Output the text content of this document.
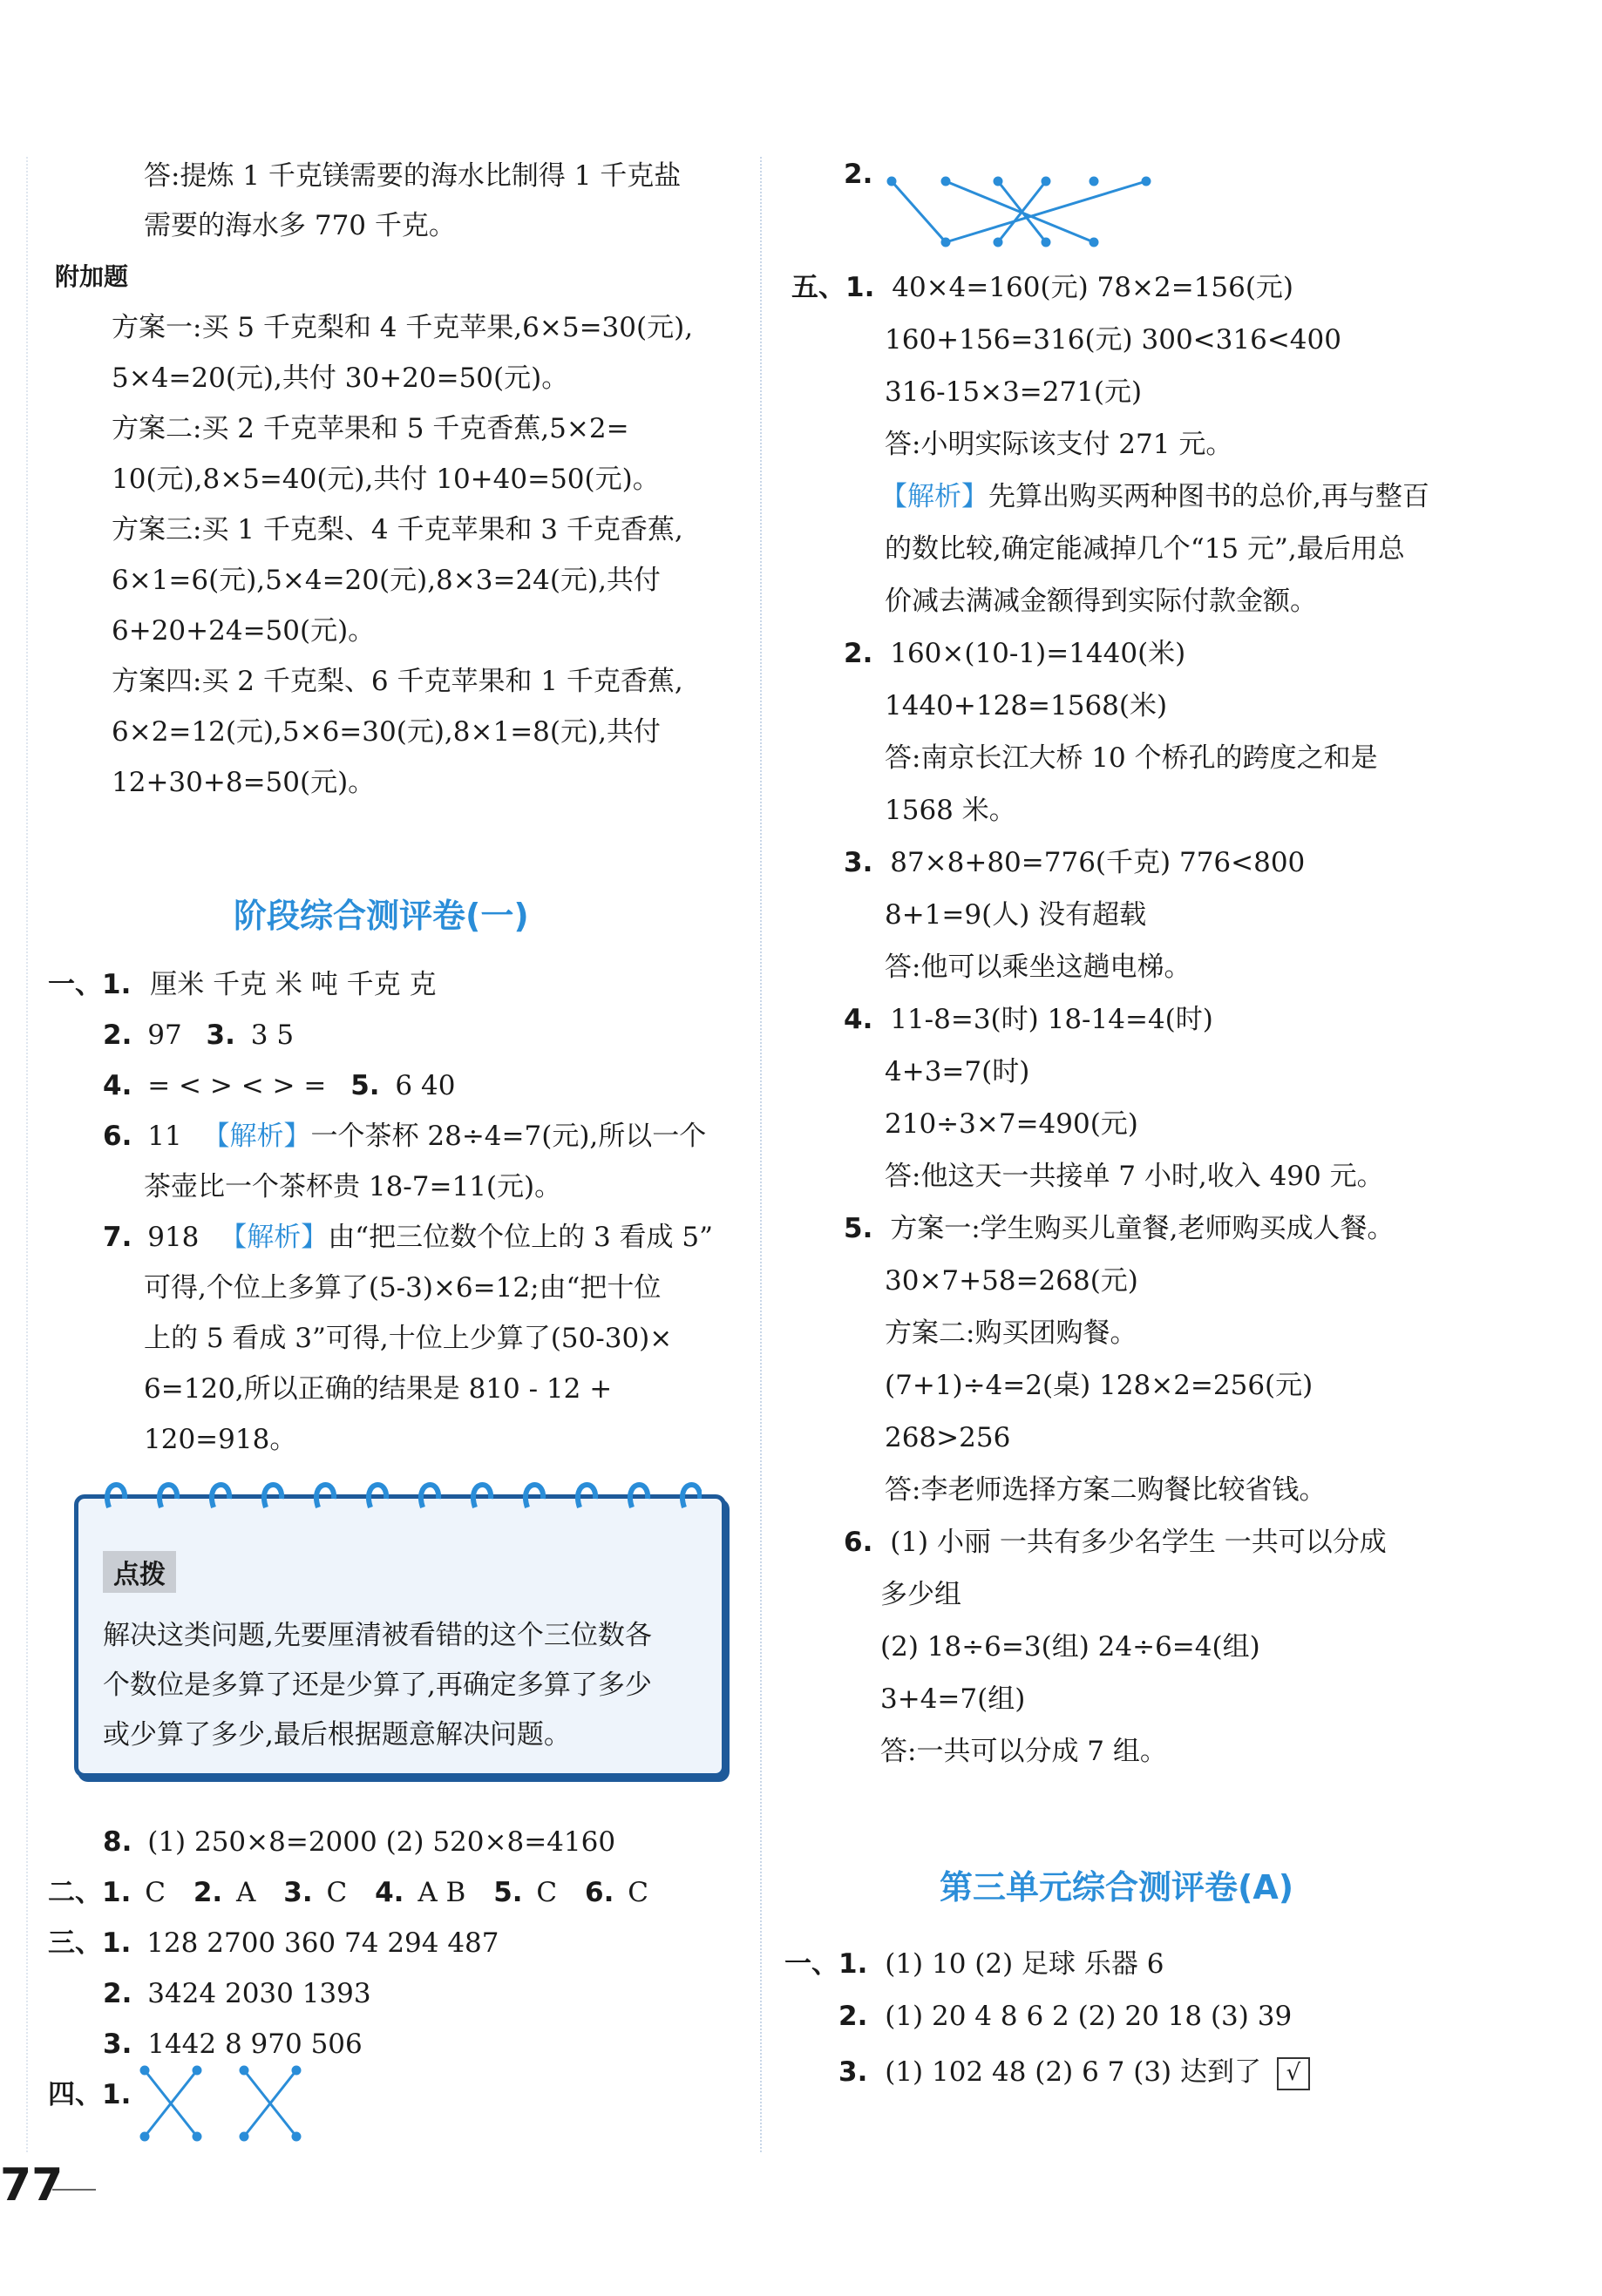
答:提炼 1 千克镁需要的海水比制得 1 千克盐
需要的海水多 770 千克。
附加题
方案一:买 5 千克梨和 4 千克苹果,6×5=30(元),
5×4=20(元),共付 30+20=50(元)。
方案二:买 2 千克苹果和 5 千克香蕉,5×2=
10(元),8×5=40(元),共付 10+40=50(元)。
方案三:买 1 千克梨、4 千克苹果和 3 千克香蕉,
6×1=6(元),5×4=20(元),8×3=24(元),共付
6+20+24=50(元)。
方案四:买 2 千克梨、6 千克苹果和 1 千克香蕉,
6×2=12(元),5×6=30(元),8×1=8(元),共付
12+30+8=50(元)。
阶段综合测评卷(一)
一、1. 厘米 千克 米 吨 千克 克
2. 97 3. 3 5
4. = < > < > = 5. 6 40
6. 11 【解析】一个茶杯 28÷4=7(元),所以一个
茶壶比一个茶杯贵 18-7=11(元)。
7. 918 【解析】由“把三位数个位上的 3 看成 5”
可得,个位上多算了(5-3)×6=12;由“把十位
上的 5 看成 3”可得,十位上少算了(50-30)×
6=120,所以正确的结果是 810 - 12 +
120=918。
点拨
解决这类问题,先要厘清被看错的这个三位数各
个数位是多算了还是少算了,再确定多算了多少
或少算了多少,最后根据题意解决问题。
8. (1) 250×8=2000 (2) 520×8=4160
二、1. C 2. A 3. C 4. A B 5. C 6. C
三、1. 128 2700 360 74 294 487
2. 3424 2030 1393
3. 1442 8 970 506
四、1.
2.
五、1. 40×4=160(元) 78×2=156(元)
160+156=316(元) 300<316<400
316-15×3=271(元)
答:小明实际该支付 271 元。
【解析】先算出购买两种图书的总价,再与整百
的数比较,确定能减掉几个“15 元”,最后用总
价减去满减金额得到实际付款金额。
2. 160×(10-1)=1440(米)
1440+128=1568(米)
答:南京长江大桥 10 个桥孔的跨度之和是
1568 米。
3. 87×8+80=776(千克) 776<800
8+1=9(人) 没有超载
答:他可以乘坐这趟电梯。
4. 11-8=3(时) 18-14=4(时)
4+3=7(时)
210÷3×7=490(元)
答:他这天一共接单 7 小时,收入 490 元。
5. 方案一:学生购买儿童餐,老师购买成人餐。
30×7+58=268(元)
方案二:购买团购餐。
(7+1)÷4=2(桌) 128×2=256(元)
268>256
答:李老师选择方案二购餐比较省钱。
6. (1) 小丽 一共有多少名学生 一共可以分成
多少组
(2) 18÷6=3(组) 24÷6=4(组)
3+4=7(组)
答:一共可以分成 7 组。
第三单元综合测评卷(A)
一、1. (1) 10 (2) 足球 乐器 6
2. (1) 20 4 8 6 2 (2) 20 18 (3) 39
3. (1) 102 48 (2) 6 7 (3) 达到了 √
77
